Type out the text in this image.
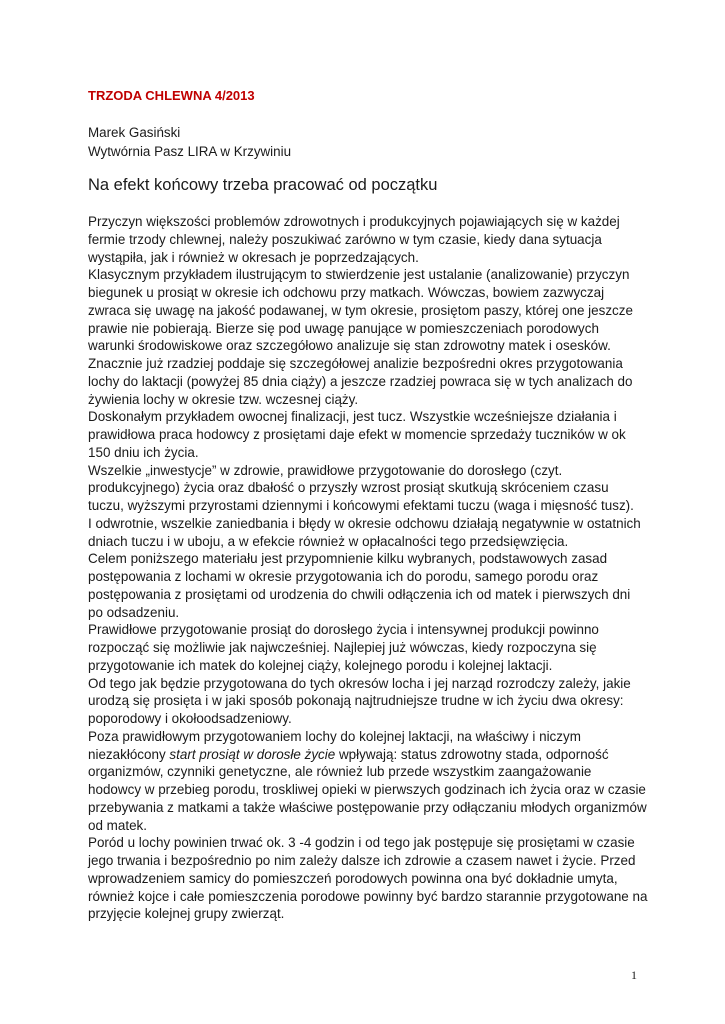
TRZODA CHLEWNA 4/2013
Marek Gasiński
Wytwórnia Pasz LIRA w Krzywiniu
Na efekt końcowy trzeba pracować od początku

Przyczyn większości problemów zdrowotnych i produkcyjnych pojawiających się w każdej fermie trzody chlewnej, należy poszukiwać zarówno w tym czasie, kiedy dana sytuacja wystąpiła, jak i również w okresach je poprzedzających.

Klasycznym przykładem ilustrującym to stwierdzenie jest ustalanie (analizowanie) przyczyn biegunek u prosiąt w okresie ich odchowu przy matkach. Wówczas, bowiem zazwyczaj zwraca się uwagę na jakość podawanej, w tym okresie, prosiętom paszy, której one jeszcze prawie nie pobierają. Bierze się pod uwagę panujące w pomieszczeniach porodowych warunki środowiskowe oraz szczegółowo analizuje się stan zdrowotny matek i osesków.

Znacznie już rzadziej poddaje się szczegółowej analizie bezpośredni okres przygotowania lochy do laktacji (powyżej 85 dnia ciąży) a jeszcze rzadziej powraca się w tych analizach do żywienia lochy w okresie tzw. wczesnej ciąży.

Doskonałym przykładem owocnej finalizacji, jest tucz. Wszystkie wcześniejsze działania i prawidłowa praca hodowcy z prosiętami daje efekt w momencie sprzedaży tuczników w ok 150 dniu ich życia.

Wszelkie „inwestycje” w zdrowie, prawidłowe przygotowanie do dorosłego (czyt. produkcyjnego) życia oraz dbałość o przyszły wzrost prosiąt skutkują skróceniem czasu tuczu, wyższymi przyrostami dziennymi i końcowymi efektami tuczu (waga i mięsność tusz).

I odwrotnie, wszelkie zaniedbania i błędy w okresie odchowu działają negatywnie w ostatnich dniach tuczu i w uboju, a w efekcie również w opłacalności tego przedsięwzięcia.

Celem poniższego materiału jest przypomnienie kilku wybranych, podstawowych zasad postępowania z lochami w okresie przygotowania ich do porodu, samego porodu oraz postępowania z prosiętami od urodzenia do chwili odłączenia ich od matek i pierwszych dni po odsadzeniu.

Prawidłowe przygotowanie prosiąt do dorosłego życia i intensywnej produkcji powinno rozpocząć się możliwie jak najwcześniej. Najlepiej już wówczas, kiedy rozpoczyna się przygotowanie ich matek do kolejnej ciąży, kolejnego porodu i kolejnej laktacji.

Od tego jak będzie przygotowana do tych okresów locha i jej narząd rozrodczy zależy, jakie urodzą się prosięta i w jaki sposób pokonają najtrudniejsze trudne w ich życiu dwa okresy: poporodowy i okołoodsadzeniowy.

Poza prawidłowym przygotowaniem lochy do kolejnej laktacji, na właściwy i niczym niezakłócony start prosiąt w dorosłe życie wpływają: status zdrowotny stada, odporność organizmów, czynniki genetyczne, ale również lub przede wszystkim zaangażowanie hodowcy w przebieg porodu, troskliwej opieki w pierwszych godzinach ich życia oraz w czasie przebywania z matkami a także właściwe postępowanie przy odłączaniu młodych organizmów od matek.

Poród u lochy powinien trwać ok. 3 -4 godzin i od tego jak postępuje się prosiętami w czasie jego trwania i bezpośrednio po nim zależy dalsze ich zdrowie a czasem nawet i życie. Przed wprowadzeniem samicy do pomieszczeń porodowych powinna ona być dokładnie umyta, również kojce i całe pomieszczenia porodowe powinny być bardzo starannie przygotowane na przyjęcie kolejnej grupy zwierząt.

1
